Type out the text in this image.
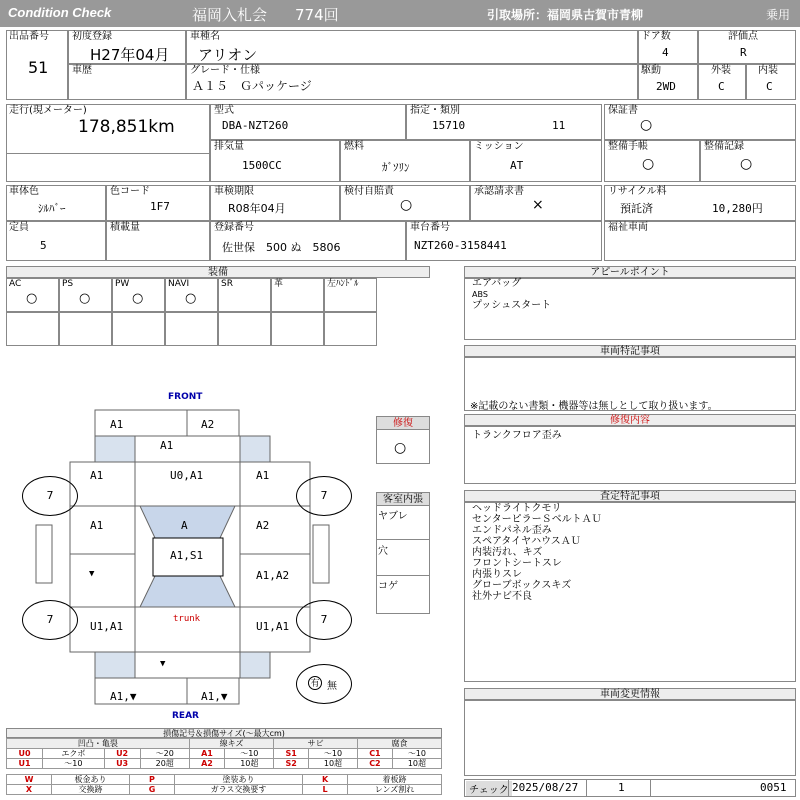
Condition Check	福岡入札会 774回	引取場所：福岡県古賀市青柳	乗用
出品番号
51
初度登録
H27年04月
車種名
アリオン
ドア数
4
評価点
R
車歴	グレード・仕様
Ａ１５　Ｇパッケージ
駆動
2WD
外装
C
内装
C
走行(現メーター)
178,851km
型式
DBA-NZT260
指定・類別
15710	11
保証書
○
排気量
1500CC
燃料
ｶﾞｿﾘﾝ
ミッション
AT
整備手帳
○
整備記録
○
車体色
ｼﾙﾊﾞｰ
色コード
1F7
車検期限
R08年04月
検付自賠責
○
承認請求書
×
リサイクル料
預託済	10,280円
定員
5
積載量	登録番号
佐世保　500 ぬ　5806
車台番号
NZT260-3158441
福祉車両
装備
AC
○
PS
○
PW
○
NAVI
○
SR	革	左ﾊﾝﾄﾞﾙ
アピールポイント
エアバッグ
ABS
プッシュスタート
車両特記事項
※記載のない書類・機器等は無しとして取り扱います。
修復内容
トランクフロア歪み
査定特記事項
ヘッドライトクモリ
センターピラーＳベルトＡＵ
エンドパネル歪み
スペアタイヤハウスＡＵ
内装汚れ、キズ
フロントシートスレ
内張りスレ
グローブボックスキズ
社外ナビ不良
車両変更情報
チェック 2025/08/27	1	0051
修復
○
客室内張
ヤブレ
穴
コゲ
FRONT
REAR
A1	A2
A1
A1	U0,A1	A1
A1	A	A2
A1,S1
▼	A1,A2
trunk
U1,A1	U1,A1
▼
A1,▼	A1,▼
7	7
7	7
有 無
損傷記号＆損傷サイズ(〜最大cm)
凹凸・亀裂				線キズ		サビ		腐食	
U0	エクボ	U2	〜20	A1	〜10	S1	〜10	C1	〜10
U1	〜10	U3	20超	A2	10超	S2	10超	C2	10超
W	板金あり	P	塗装あり	K	着板跡
X	交換跡	G	ガラス交換要す	L	レンズ割れ
